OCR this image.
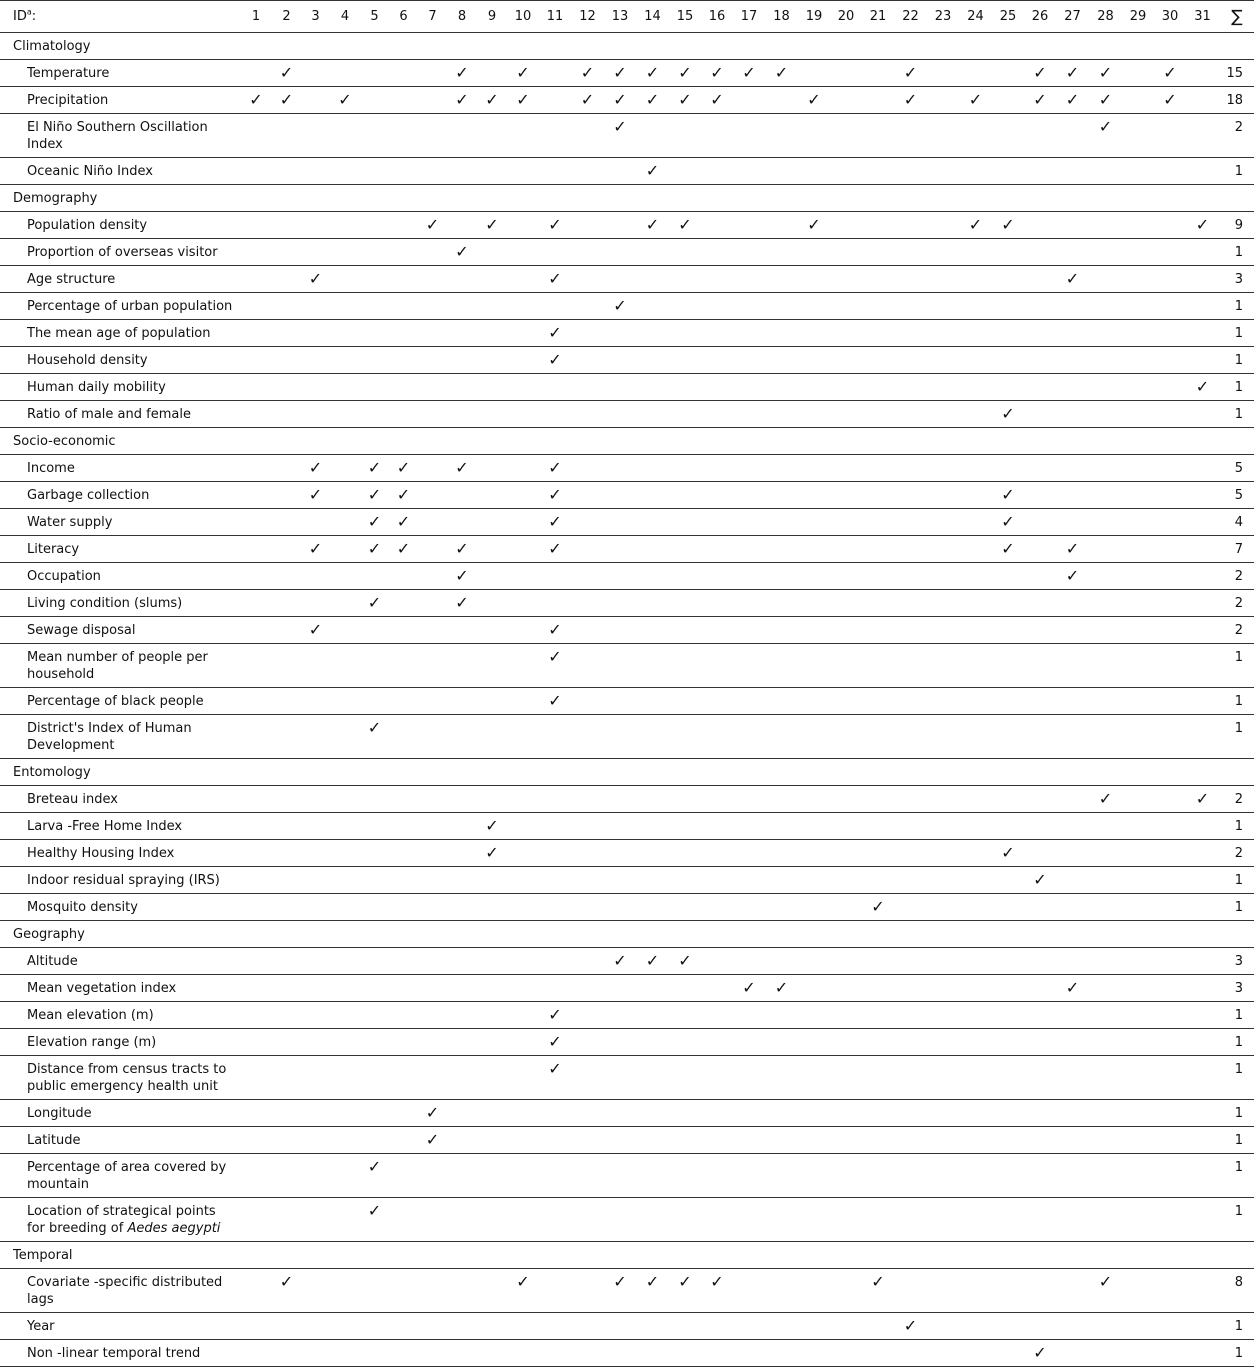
$ID^a$:	1	2	3	4	5	6	7	8	9	10	11	12	13	14	15	16	17	18	19	20	21	22	23	24	25	26	27	28	29	30	31	∑
Climatology																																
Temperature		✓						✓		✓		✓	✓	✓	✓	✓	✓	✓				✓				✓	✓	✓		✓		15
Precipitation	✓	✓		✓				✓	✓	✓		✓	✓	✓	✓	✓			✓			✓		✓		✓	✓	✓		✓		18
El Niño Southern Oscillation Index													✓															✓				2
Oceanic Niño Index														✓																		1
Demography																																
Population density							✓		✓		✓			✓	✓				✓					✓	✓						✓	9
Proportion of overseas visitor								✓																								1
Age structure			✓								✓																✓					3
Percentage of urban population													✓																			1
The mean age of population											✓																					1
Household density											✓																					1
Human daily mobility																															✓	1
Ratio of male and female																									✓							1
Socio-economic																																
Income			✓		✓	✓		✓			✓																					5
Garbage collection			✓		✓	✓					✓														✓							5
Water supply					✓	✓					✓														✓							4
Literacy			✓		✓	✓		✓			✓														✓		✓					7
Occupation								✓																			✓					2
Living condition (slums)					✓			✓																								2
Sewage disposal			✓								✓																					2
Mean number of people per household											✓																					1
Percentage of black people											✓																					1
District's Index of Human Development					✓																											1
Entomology																																
Breteau index																												✓			✓	2
Larva -Free Home Index									✓																							1
Healthy Housing Index									✓																✓							2
Indoor residual spraying (IRS)																										✓						1
Mosquito density																					✓											1
Geography																																
Altitude													✓	✓	✓																	3
Mean vegetation index																	✓	✓									✓					3
Mean elevation (m)											✓																					1
Elevation range (m)											✓																					1
Distance from census tracts to public emergency health unit											✓																					1
Longitude							✓																									1
Latitude							✓																									1
Percentage of area covered by mountain					✓																											1
Location of strategical points for breeding of Aedes aegypti					✓																											1
Temporal																																
Covariate -specific distributed lags		✓								✓			✓	✓	✓	✓					✓							✓				8
Year																						✓										1
Non -linear temporal trend																										✓						1
